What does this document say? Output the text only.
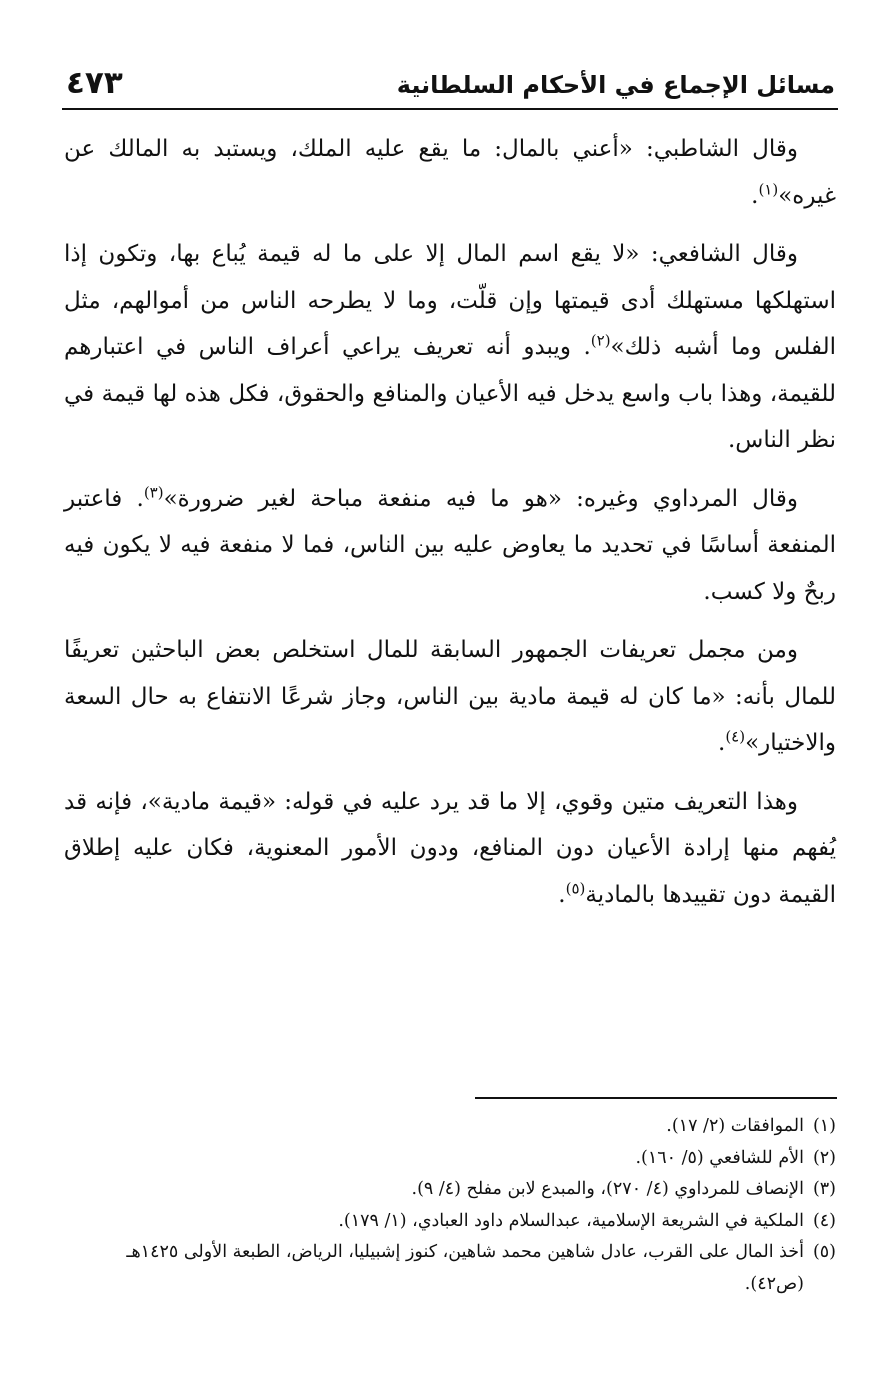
مسائل الإجماع في الأحكام السلطانية
٤٧٣

وقال الشاطبي: «أعني بالمال: ما يقع عليه الملك، ويستبد به المالك عن غيره»$^{(١)}$.

وقال الشافعي: «لا يقع اسم المال إلا على ما له قيمة يُباع بها، وتكون إذا استهلكها مستهلك أدى قيمتها وإن قلّت، وما لا يطرحه الناس من أموالهم، مثل الفلس وما أشبه ذلك»$^{(٢)}$. ويبدو أنه تعريف يراعي أعراف الناس في اعتبارهم للقيمة، وهذا باب واسع يدخل فيه الأعيان والمنافع والحقوق، فكل هذه لها قيمة في نظر الناس.

وقال المرداوي وغيره: «هو ما فيه منفعة مباحة لغير ضرورة»$^{(٣)}$. فاعتبر المنفعة أساسًا في تحديد ما يعاوض عليه بين الناس، فما لا منفعة فيه لا يكون فيه ربحٌ ولا كسب.

ومن مجمل تعريفات الجمهور السابقة للمال استخلص بعض الباحثين تعريفًا للمال بأنه: «ما كان له قيمة مادية بين الناس، وجاز شرعًا الانتفاع به حال السعة والاختيار»$^{(٤)}$.

وهذا التعريف متين وقوي، إلا ما قد يرد عليه في قوله: «قيمة مادية»، فإنه قد يُفهم منها إرادة الأعيان دون المنافع، ودون الأمور المعنوية، فكان عليه إطلاق القيمة دون تقييدها بالمادية$^{(٥)}$.

(١)
الموافقات (٢/ ١٧).
(٢)
الأم للشافعي (٥/ ١٦٠).
(٣)
الإنصاف للمرداوي (٤/ ٢٧٠)، والمبدع لابن مفلح (٤/ ٩).
(٤)
الملكية في الشريعة الإسلامية، عبدالسلام داود العبادي، (١/ ١٧٩).
(٥)
أخذ المال على القرب، عادل شاهين محمد شاهين، كنوز إشبيليا، الرياض، الطبعة الأولى ١٤٢٥هـ (ص٤٢).
